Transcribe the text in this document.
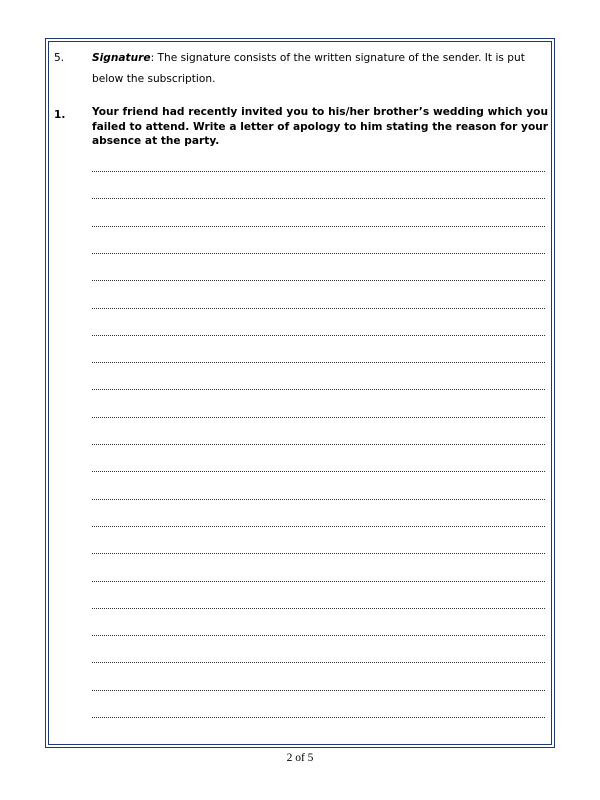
5.	Signature: The signature consists of the written signature of the sender. It is put
below the subscription.
1.	Your friend had recently invited you to his/her brother’s wedding which you failed to attend. Write a letter of apology to him stating the reason for your absence at the party.
2 of 5
